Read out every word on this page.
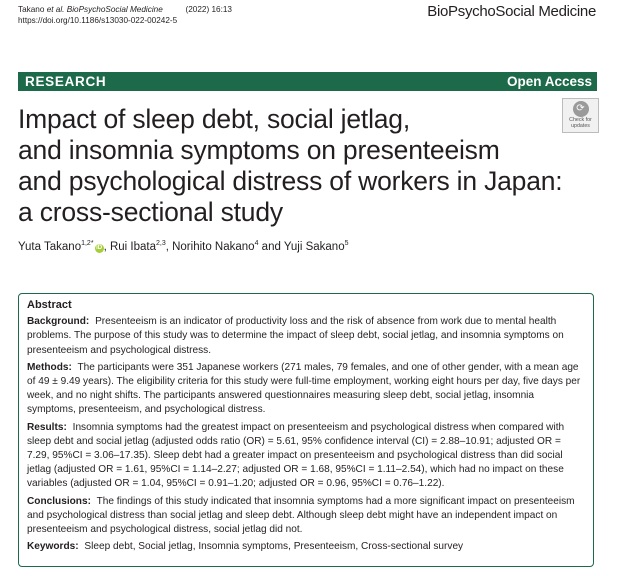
Takano et al. BioPsychoSocial Medicine	(2022) 16:13
https://doi.org/10.1186/s13030-022-00242-5
BioPsychoSocial Medicine
RESEARCH	Open Access
⟳
Check for
updates
Impact of sleep debt, social jetlag,
and insomnia symptoms on presenteeism
and psychological distress of workers in Japan:
a cross-sectional study
Yuta Takano$^{1,2*}$iD , Rui Ibata$^{2,3}$, Norihito Nakano$^4$ and Yuji Sakano$^5$
Abstract
Background: Presenteeism is an indicator of productivity loss and the risk of absence from work due to mental health problems. The purpose of this study was to determine the impact of sleep debt, social jetlag, and insomnia symptoms on presenteeism and psychological distress.
Methods: The participants were 351 Japanese workers (271 males, 79 females, and one of other gender, with a mean age of 49 ± 9.49 years). The eligibility criteria for this study were full-time employment, working eight hours per day, five days per week, and no night shifts. The participants answered questionnaires measuring sleep debt, social jetlag, insomnia symptoms, presenteeism, and psychological distress.
Results: Insomnia symptoms had the greatest impact on presenteeism and psychological distress when compared with sleep debt and social jetlag (adjusted odds ratio (OR) = 5.61, 95% confidence interval (CI) = 2.88–10.91; adjusted OR = 7.29, 95%CI = 3.06–17.35). Sleep debt had a greater impact on presenteeism and psychological distress than did social jetlag (adjusted OR = 1.61, 95%CI = 1.14–2.27; adjusted OR = 1.68, 95%CI = 1.11–2.54), which had no impact on these variables (adjusted OR = 1.04, 95%CI = 0.91–1.20; adjusted OR = 0.96, 95%CI = 0.76–1.22).
Conclusions: The findings of this study indicated that insomnia symptoms had a more significant impact on presenteeism and psychological distress than social jetlag and sleep debt. Although sleep debt might have an independent impact on presenteeism and psychological distress, social jetlag did not.
Keywords: Sleep debt, Social jetlag, Insomnia symptoms, Presenteeism, Cross-sectional survey
